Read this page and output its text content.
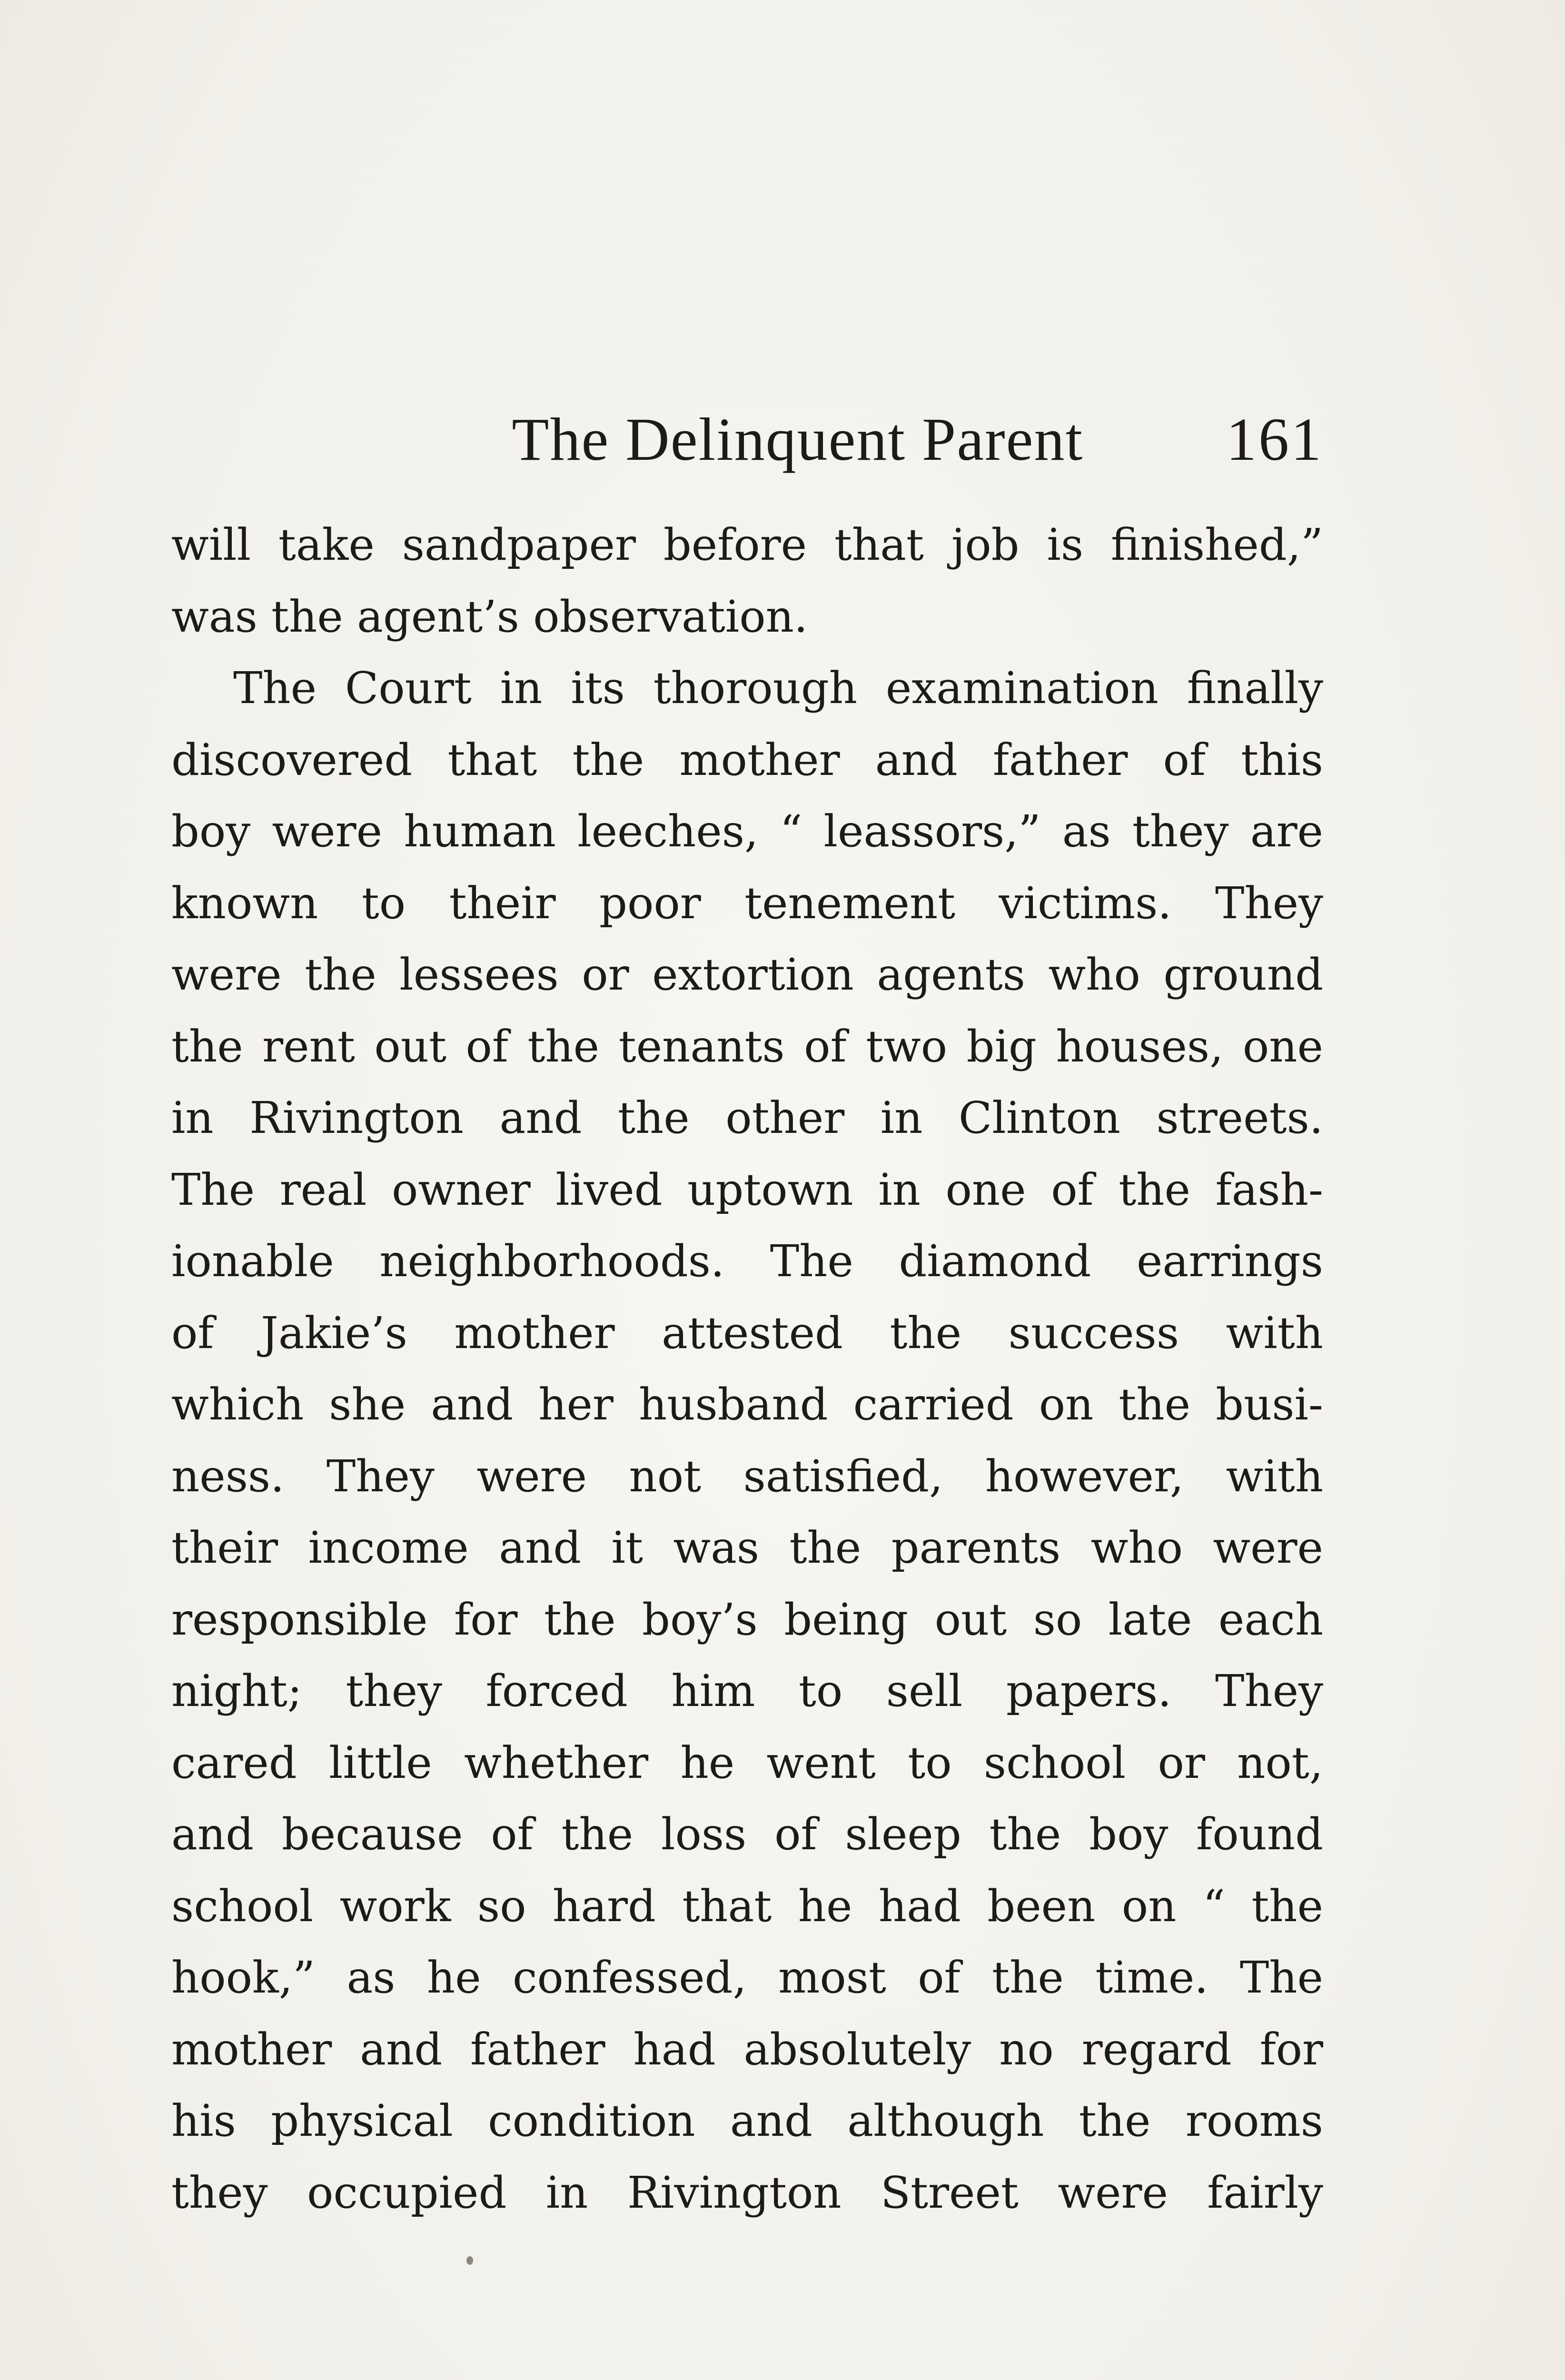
The Delinquent Parent 161
will take sandpaper before that job is finished,”
was the agent’s observation.
The Court in its thorough examination finally
discovered that the mother and father of this
boy were human leeches, “ leassors,” as they are
known to their poor tenement victims. They
were the lessees or extortion agents who ground
the rent out of the tenants of two big houses, one
in Rivington and the other in Clinton streets.
The real owner lived uptown in one of the fash-
ionable neighborhoods. The diamond earrings
of Jakie’s mother attested the success with
which she and her husband carried on the busi-
ness. They were not satisfied, however, with
their income and it was the parents who were
responsible for the boy’s being out so late each
night; they forced him to sell papers. They
cared little whether he went to school or not,
and because of the loss of sleep the boy found
school work so hard that he had been on “ the
hook,” as he confessed, most of the time. The
mother and father had absolutely no regard for
his physical condition and although the rooms
they occupied in Rivington Street were fairly
